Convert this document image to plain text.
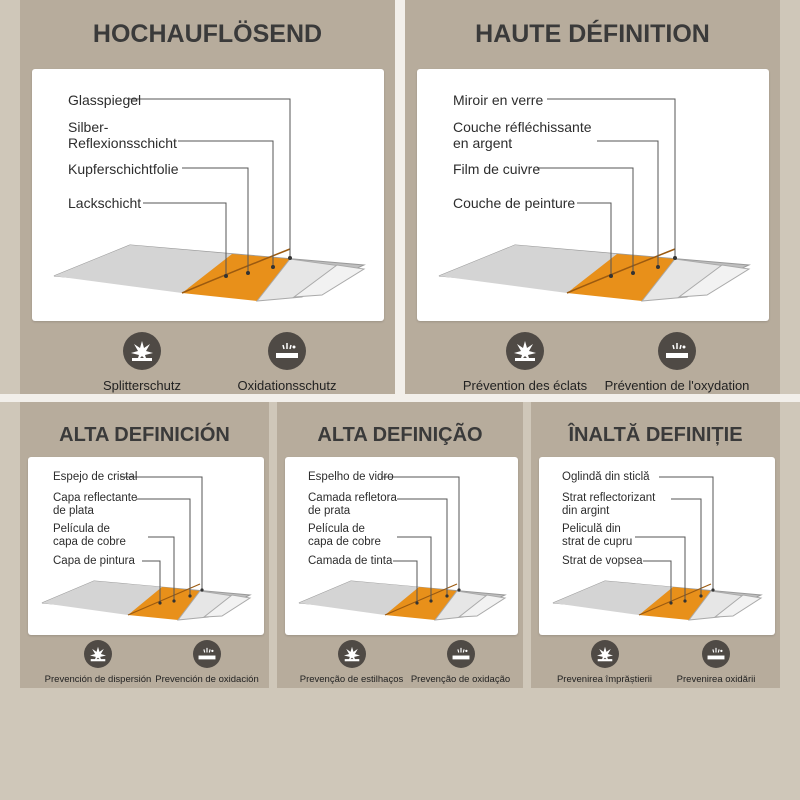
HOCHAUFLÖSEND
Glasspiegel
Silber-
Reflexionsschicht
Kupferschichtfolie
Lackschicht
Splitterschutz	Oxidationsschutz
HAUTE DÉFINITION
Miroir en verre
Couche réfléchissante
en argent
Film de cuivre
Couche de peinture
Prévention des éclats Prévention de l'oxydation
ALTA DEFINICIÓN
Espejo de cristal
Capa reflectante
de plata
Película de
capa de cobre
Capa de pintura
Prevención de dispersión Prevención de oxidación
ALTA DEFINIÇÃO
Espelho de vidro
Camada refletora
de prata
Película de
capa de cobre
Camada de tinta
Prevenção de estilhaços Prevenção de oxidação
ÎNALTĂ DEFINIȚIE
Oglindă din sticlă
Strat reflectorizant
din argint
Peliculă din
strat de cupru
Strat de vopsea
Prevenirea împrăștierii	Prevenirea oxidării
